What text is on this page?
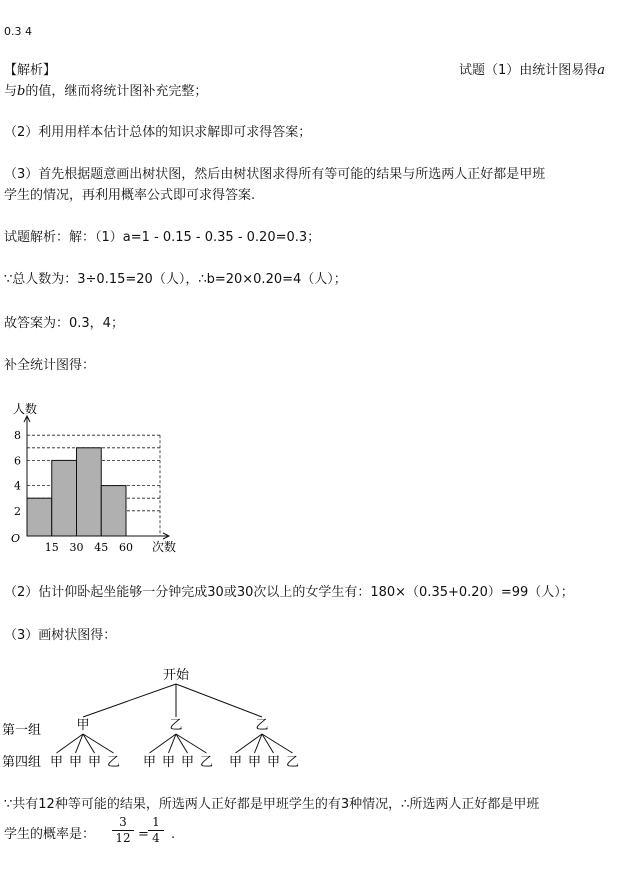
0.3 4
【解析】	试题（1）由统计图易得a
与b的值，继而将统计图补充完整；
（2）利用用样本估计总体的知识求解即可求得答案；
（3）首先根据题意画出树状图，然后由树状图求得所有等可能的结果与所选两人正好都是甲班
学生的情况，再利用概率公式即可求得答案.
试题解析：解：（1）a=1 - 0.15 - 0.35 - 0.20=0.3；
∵总人数为：3÷0.15=20（人），∴b=20×0.20=4（人）；
故答案为：0.3，4；
补全统计图得：
人数
次数
O
15 30 45 60
2
4
6
8
（2）估计仰卧起坐能够一分钟完成30或30次以上的女学生有：180×（0.35+0.20）=99（人）；
（3）画树状图得：
开始
第一组
第四组
甲
甲 甲 甲 乙
乙
甲 甲 甲 乙
乙
甲 甲 甲 乙
∵共有12种等可能的结果，所选两人正好都是甲班学生的有3种情况，∴所选两人正好都是甲班
学生的概率是： $\frac{3}{12} = \frac{1}{4}$ .
